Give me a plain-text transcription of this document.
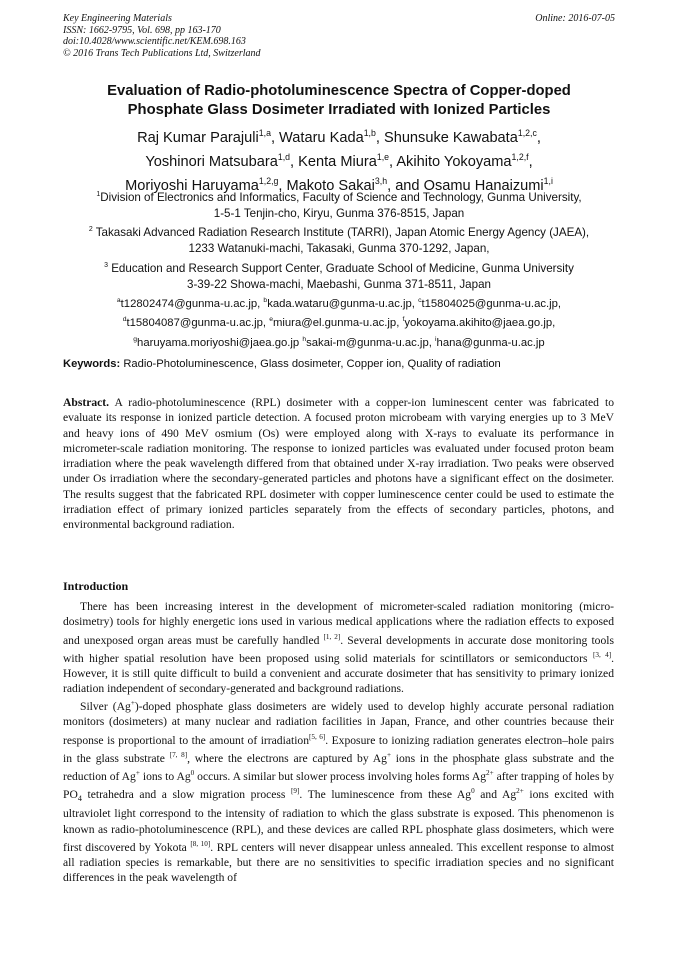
Key Engineering Materials
ISSN: 1662-9795, Vol. 698, pp 163-170
doi:10.4028/www.scientific.net/KEM.698.163
© 2016 Trans Tech Publications Ltd, Switzerland
Online: 2016-07-05
Evaluation of Radio-photoluminescence Spectra of Copper-doped
Phosphate Glass Dosimeter Irradiated with Ionized Particles
Raj Kumar Parajuli$^{1,a}$, Wataru Kada$^{1,b}$, Shunsuke Kawabata$^{1,2,c}$,
Yoshinori Matsubara$^{1,d}$, Kenta Miura$^{1,e}$, Akihito Yokoyama$^{1,2,f}$,
Moriyoshi Haruyama$^{1,2,g}$, Makoto Sakai$^{3,h}$, and Osamu Hanaizumi$^{1,i}$
$^1$Division of Electronics and Informatics, Faculty of Science and Technology, Gunma University,
1-5-1 Tenjin-cho, Kiryu, Gunma 376-8515, Japan
$^2$ Takasaki Advanced Radiation Research Institute (TARRI), Japan Atomic Energy Agency (JAEA),
1233 Watanuki-machi, Takasaki, Gunma 370-1292, Japan,
$^3$ Education and Research Support Center, Graduate School of Medicine, Gunma University
3-39-22 Showa-machi, Maebashi, Gunma 371-8511, Japan
$^a$t12802474@gunma-u.ac.jp, $^b$kada.wataru@gunma-u.ac.jp, $^c$t15804025@gunma-u.ac.jp,
$^d$t15804087@gunma-u.ac.jp, $^e$miura@el.gunma-u.ac.jp, $^f$yokoyama.akihito@jaea.go.jp,
$^g$haruyama.moriyoshi@jaea.go.jp $^h$sakai-m@gunma-u.ac.jp, $^i$hana@gunma-u.ac.jp
Keywords: Radio-Photoluminescence, Glass dosimeter, Copper ion, Quality of radiation
Abstract. A radio-photoluminescence (RPL) dosimeter with a copper-ion luminescent center was fabricated to evaluate its response in ionized particle detection. A focused proton microbeam with varying energies up to 3 MeV and heavy ions of 490 MeV osmium (Os) were employed along with X-rays to evaluate its performance in micrometer-scale radiation monitoring. The response to ionized particles was evaluated under focused proton beam irradiation where the peak wavelength differed from that obtained under X-ray irradiation. Two peaks were observed under Os irradiation where the secondary-generated particles and photons have a significant effect on the dosimeter. The results suggest that the fabricated RPL dosimeter with copper luminescence center could be used to estimate the irradiation effect of primary ionized particles separately from the effects of secondary particles, photons, and environmental background radiation.
Introduction

There has been increasing interest in the development of micrometer-scaled radiation monitoring (micro-dosimetry) tools for highly energetic ions used in various medical applications where the radiation effects to exposed and unexposed organ areas must be carefully handled [1, 2]. Several developments in accurate dose monitoring tools with higher spatial resolution have been proposed using solid materials for scintillators or semiconductors [3, 4]. However, it is still quite difficult to build a convenient and accurate dosimeter that has sensitivity to primary ionized radiation independent of secondary-generated and background radiations.

Silver (Ag+)-doped phosphate glass dosimeters are widely used to develop highly accurate personal radiation monitors (dosimeters) at many nuclear and radiation facilities in Japan, France, and other countries because their response is proportional to the amount of irradiation[5, 6]. Exposure to ionizing radiation generates electron–hole pairs in the glass substrate [7, 8], where the electrons are captured by Ag+ ions in the phosphate glass substrate and the reduction of Ag+ ions to Ag$^0$ occurs. A similar but slower process involving holes forms $Ag^{2+}$ after trapping of holes by $PO_4$ tetrahedra and a slow migration process [9]. The luminescence from these Ag$^0$ and $Ag^{2+}$ ions excited with ultraviolet light correspond to the intensity of radiation to which the glass substrate is exposed. This phenomenon is known as radio-photoluminescence (RPL), and these devices are called RPL phosphate glass dosimeters, which were first discovered by Yokota [8, 10]. RPL centers will never disappear unless annealed. This excellent response to almost all radiation species is remarkable, but there are no sensitivities to specific irradiation species and no significant differences in the peak wavelength of
